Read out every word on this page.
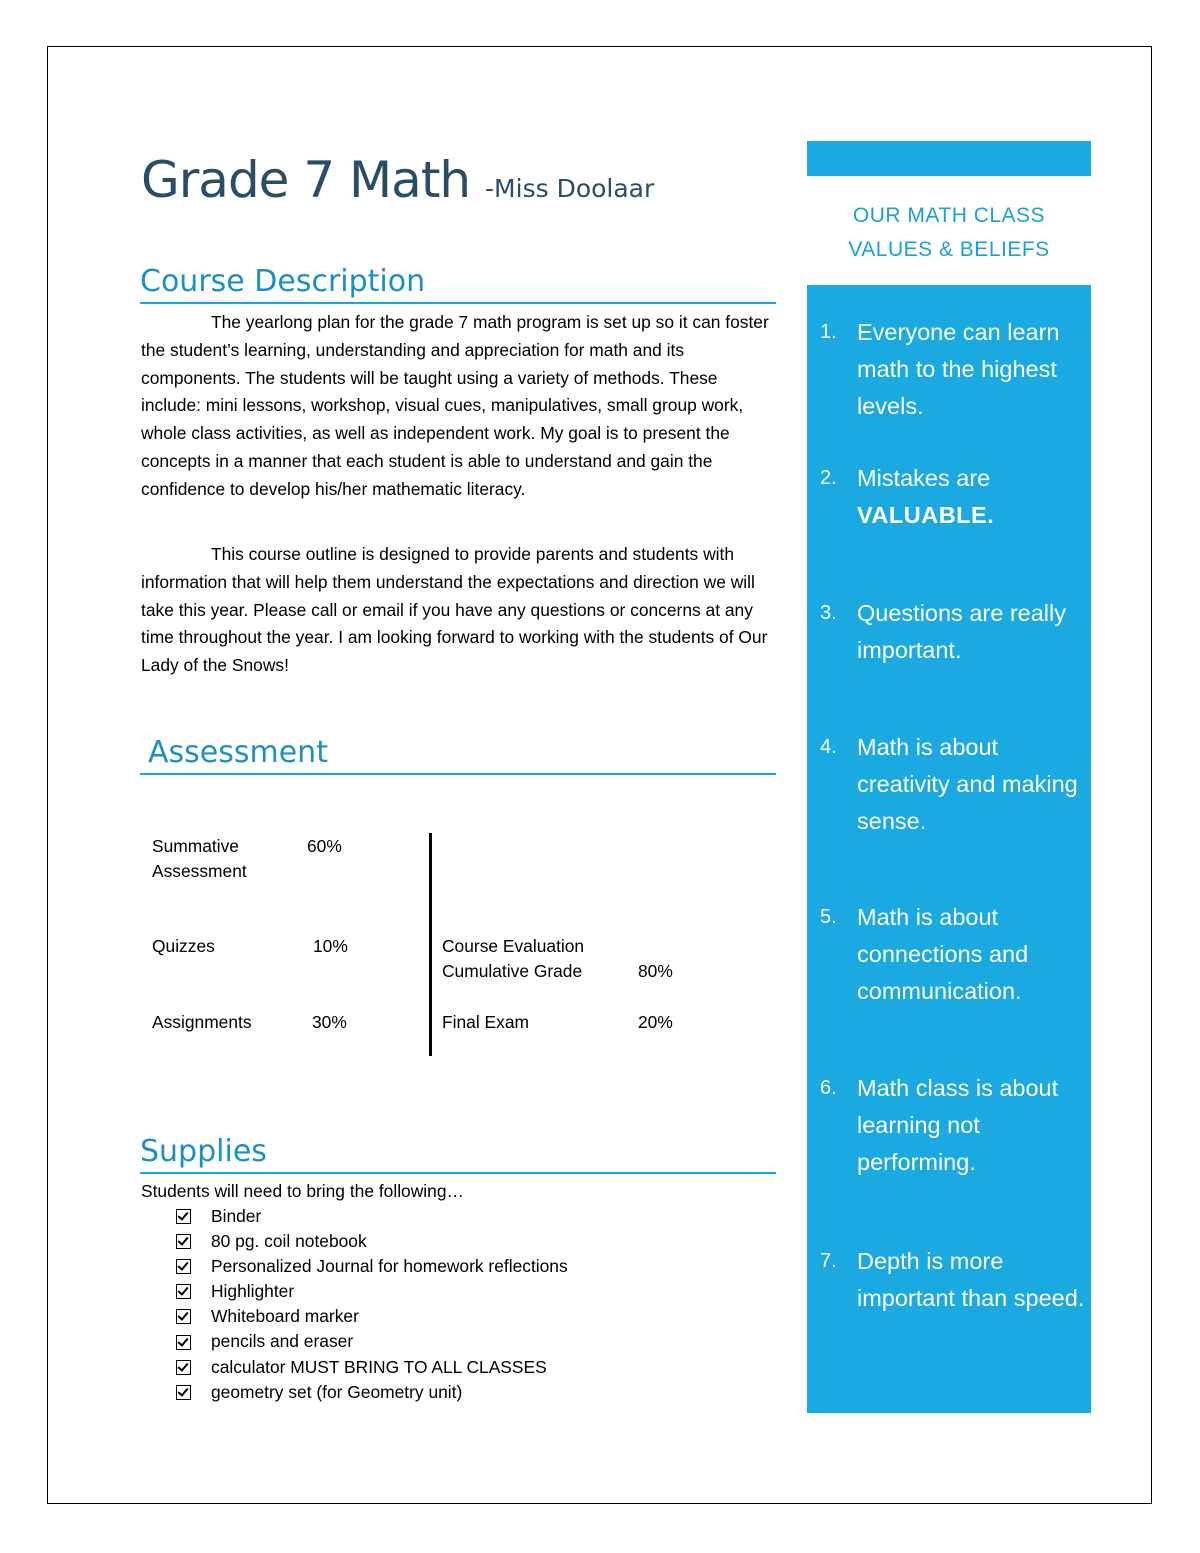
Grade 7 Math -Miss Doolaar
Course Description

The yearlong plan for the grade 7 math program is set up so it can foster the student’s learning, understanding and appreciation for math and its components. The students will be taught using a variety of methods. These include: mini lessons, workshop, visual cues, manipulatives, small group work, whole class activities, as well as independent work. My goal is to present the concepts in a manner that each student is able to understand and gain the confidence to develop his/her mathematic literacy.

This course outline is designed to provide parents and students with information that will help them understand the expectations and direction we will take this year. Please call or email if you have any questions or concerns at any time throughout the year. I am looking forward to working with the students of Our Lady of the Snows!

Assessment
Summative
Assessment
60%
Quizzes	10%
Assignments	30%
Course Evaluation
Cumulative Grade	80%
Final Exam	20%
Supplies
Students will need to bring the following…
Binder
80 pg. coil notebook
Personalized Journal for homework reflections
Highlighter
Whiteboard marker
pencils and eraser
calculator MUST BRING TO ALL CLASSES
geometry set (for Geometry unit)
OUR MATH CLASS
VALUES & BELIEFS
1. Everyone can learn math to the highest levels.
2. Mistakes are
VALUABLE.
3. Questions are really important.
4. Math is about creativity and making sense.
5. Math is about connections and communication.
6. Math class is about learning not performing.
7. Depth is more important than speed.
